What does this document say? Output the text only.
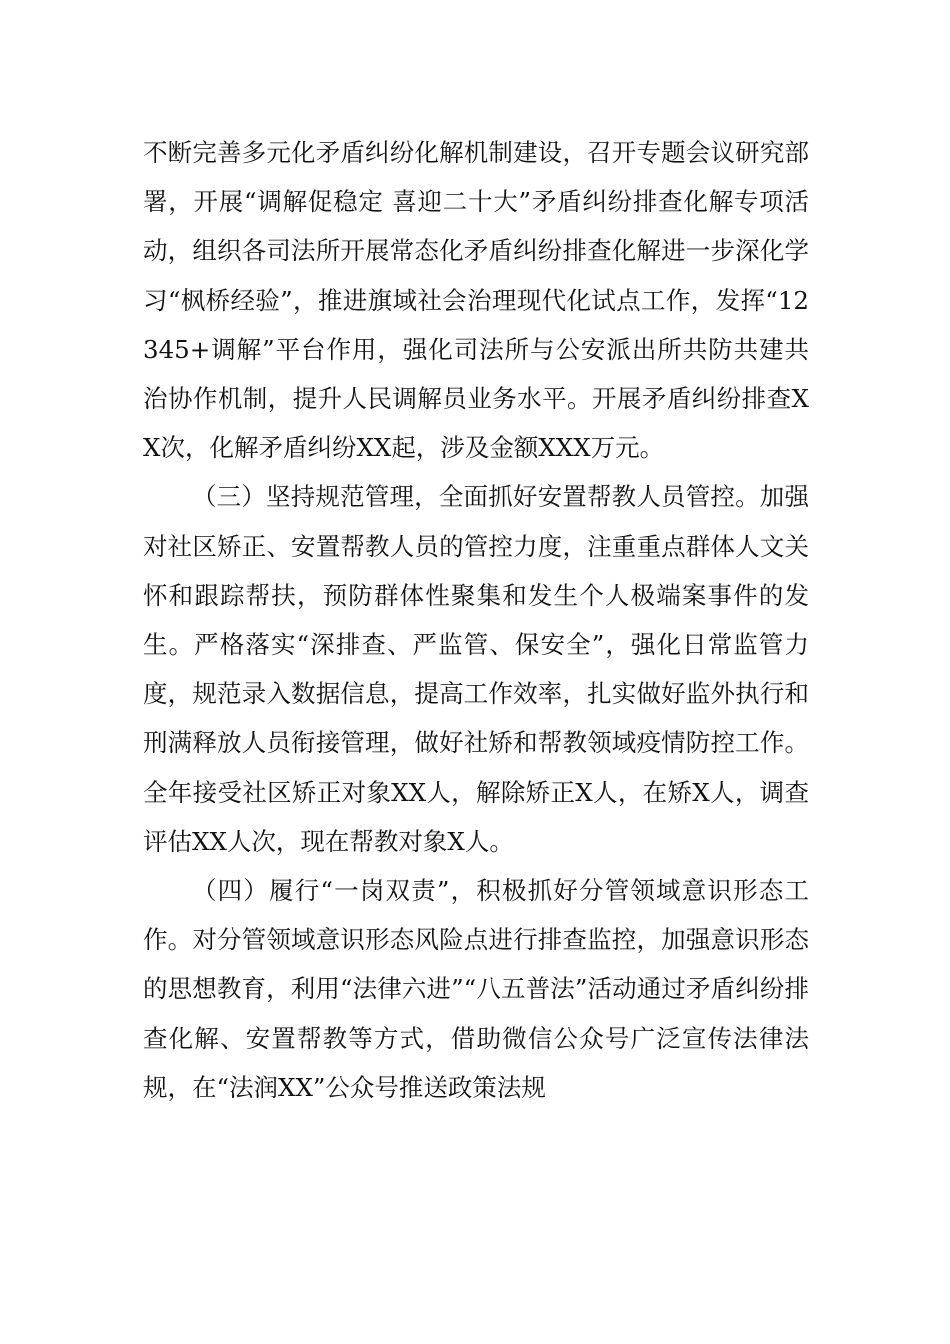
不断完善多元化矛盾纠纷化解机制建设，召开专题会议研究部署，开展“调解促稳定 喜迎二十大”矛盾纠纷排查化解专项活动，组织各司法所开展常态化矛盾纠纷排查化解进一步深化学习“枫桥经验”，推进旗域社会治理现代化试点工作，发挥“12345+调解”平台作用，强化司法所与公安派出所共防共建共治协作机制，提升人民调解员业务水平。开展矛盾纠纷排查XX次，化解矛盾纠纷XX起，涉及金额XXX万元。

（三）坚持规范管理，全面抓好安置帮教人员管控。加强对社区矫正、安置帮教人员的管控力度，注重重点群体人文关怀和跟踪帮扶，预防群体性聚集和发生个人极端案事件的发生。严格落实“深排查、严监管、保安全”，强化日常监管力度，规范录入数据信息，提高工作效率，扎实做好监外执行和刑满释放人员衔接管理，做好社矫和帮教领域疫情防控工作。全年接受社区矫正对象XX人，解除矫正X人，在矫X人，调查评估XX人次，现在帮教对象X人。

（四）履行“一岗双责”，积极抓好分管领域意识形态工作。对分管领域意识形态风险点进行排查监控，加强意识形态的思想教育，利用“法律六进”“八五普法”活动通过矛盾纠纷排查化解、安置帮教等方式，借助微信公众号广泛宣传法律法规，在“法润XX”公众号推送政策法规
